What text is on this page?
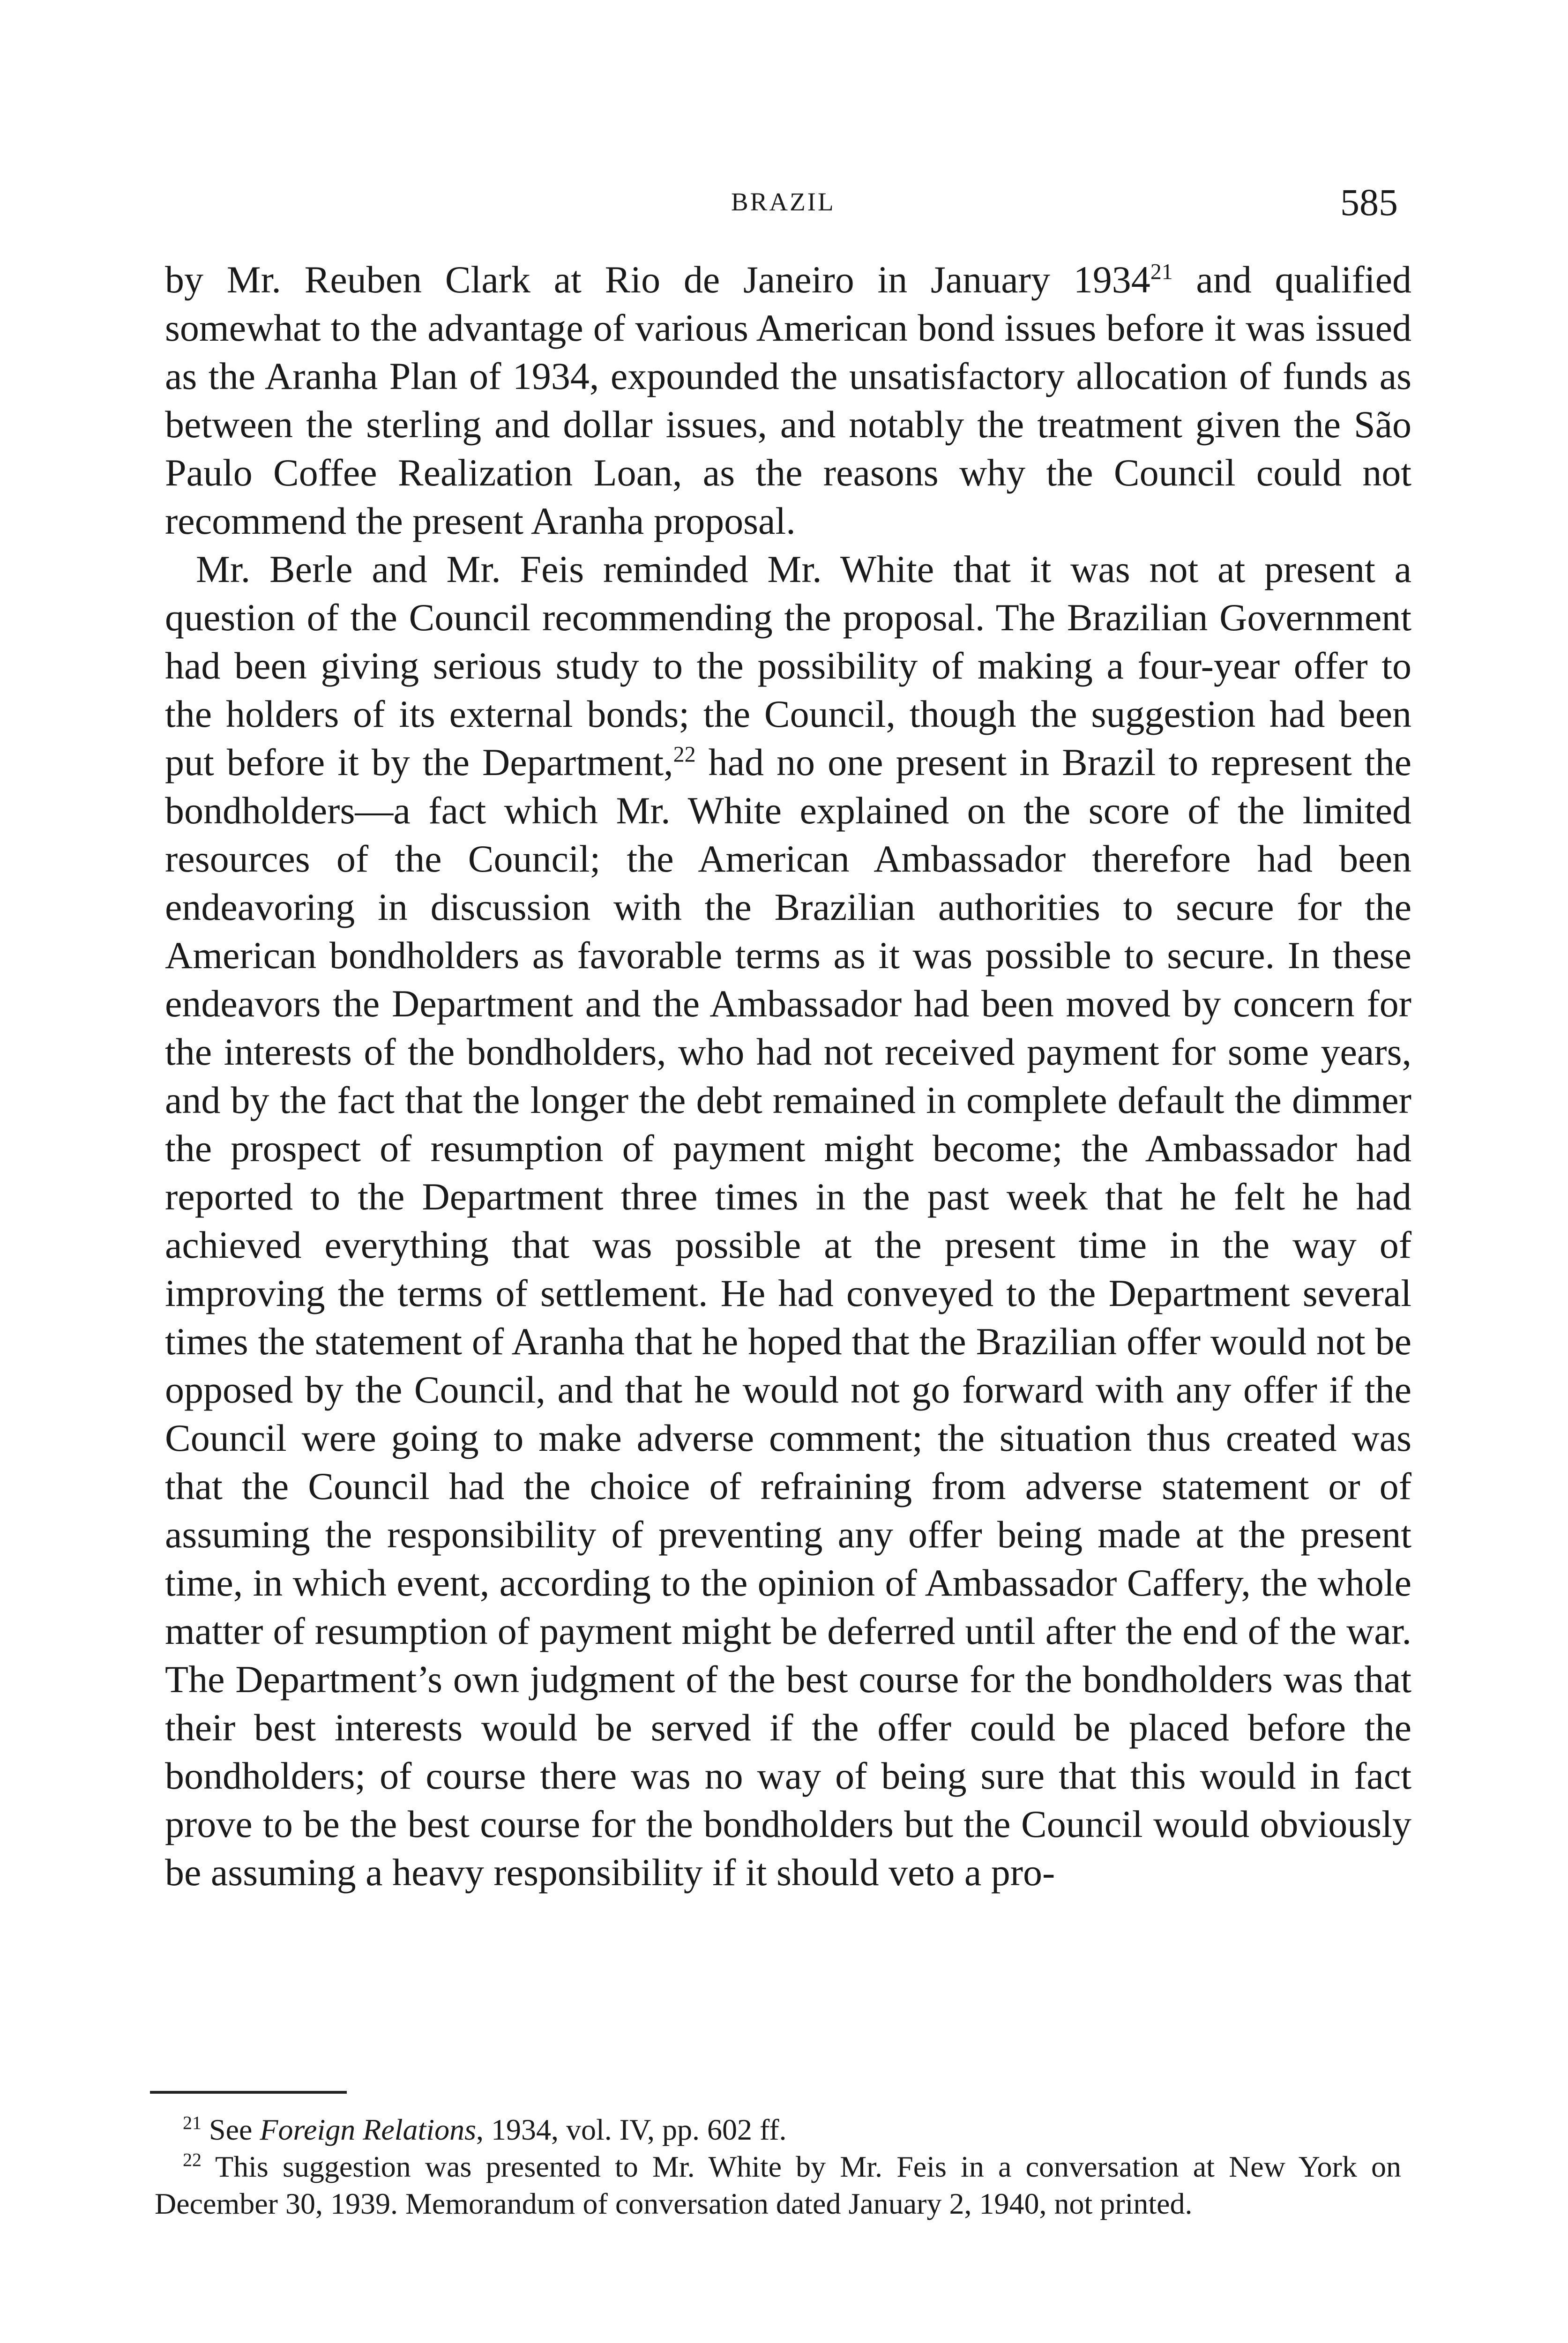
BRAZIL	585

by Mr. Reuben Clark at Rio de Janeiro in January 1934$^{21}$ and qualified somewhat to the advantage of various American bond issues before it was issued as the Aranha Plan of 1934, expounded the unsatisfactory allocation of funds as between the sterling and dollar issues, and notably the treatment given the São Paulo Coffee Realization Loan, as the reasons why the Council could not recommend the present Aranha proposal.

Mr. Berle and Mr. Feis reminded Mr. White that it was not at present a question of the Council recommending the proposal. The Brazilian Government had been giving serious study to the possibility of making a four-year offer to the holders of its external bonds; the Council, though the suggestion had been put before it by the Department,$^{22}$ had no one present in Brazil to represent the bondholders—a fact which Mr. White explained on the score of the limited resources of the Council; the American Ambassador therefore had been endeavoring in discussion with the Brazilian authorities to secure for the American bondholders as favorable terms as it was possible to secure. In these endeavors the Department and the Ambassador had been moved by concern for the interests of the bondholders, who had not received payment for some years, and by the fact that the longer the debt remained in complete default the dimmer the prospect of resumption of payment might become; the Ambassador had reported to the Department three times in the past week that he felt he had achieved everything that was possible at the present time in the way of improving the terms of settlement. He had conveyed to the Department several times the statement of Aranha that he hoped that the Brazilian offer would not be opposed by the Council, and that he would not go forward with any offer if the Council were going to make adverse comment; the situation thus created was that the Council had the choice of refraining from adverse statement or of assuming the responsibility of preventing any offer being made at the present time, in which event, according to the opinion of Ambassador Caffery, the whole matter of resumption of payment might be deferred until after the end of the war. The Department’s own judgment of the best course for the bondholders was that their best interests would be served if the offer could be placed before the bondholders; of course there was no way of being sure that this would in fact prove to be the best course for the bondholders but the Council would obviously be assuming a heavy responsibility if it should veto a pro-

$^{21}$ See Foreign Relations, 1934, vol. IV, pp. 602 ff.

$^{22}$ This suggestion was presented to Mr. White by Mr. Feis in a conversation at New York on December 30, 1939. Memorandum of conversation dated January 2, 1940, not printed.
